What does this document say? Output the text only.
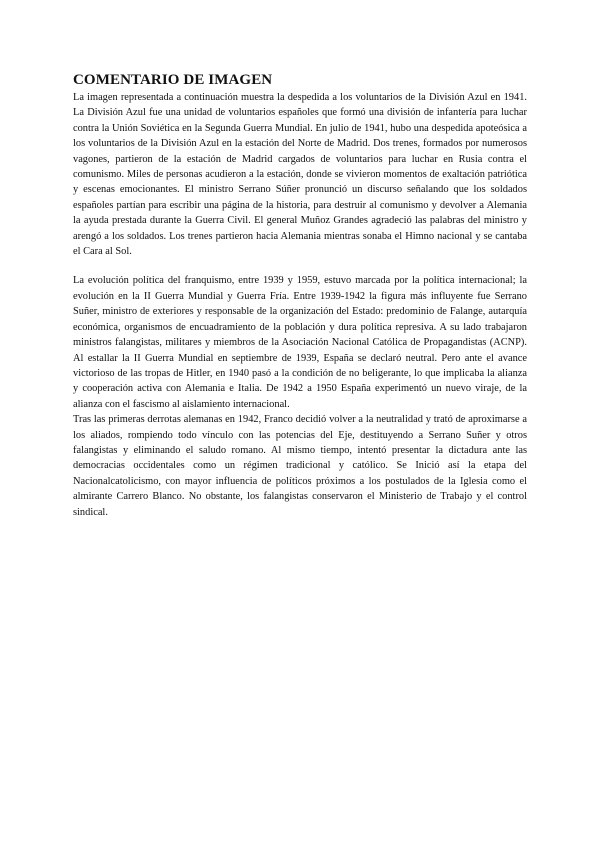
COMENTARIO DE IMAGEN

La imagen representada a continuación muestra la despedida a los voluntarios de la División Azul en 1941. La División Azul fue una unidad de voluntarios españoles que formó una división de infantería para luchar contra la Unión Soviética en la Segunda Guerra Mundial. En julio de 1941, hubo una despedida apoteósica a los voluntarios de la División Azul en la estación del Norte de Madrid. Dos trenes, formados por numerosos vagones, partieron de la estación de Madrid cargados de voluntarios para luchar en Rusia contra el comunismo. Miles de personas acudieron a la estación, donde se vivieron momentos de exaltación patriótica y escenas emocionantes. El ministro Serrano Súñer pronunció un discurso señalando que los soldados españoles partían para escribir una página de la historia, para destruir al comunismo y devolver a Alemania la ayuda prestada durante la Guerra Civil. El general Muñoz Grandes agradeció las palabras del ministro y arengó a los soldados. Los trenes partieron hacia Alemania mientras sonaba el Himno nacional y se cantaba el Cara al Sol.

La evolución política del franquismo, entre 1939 y 1959, estuvo marcada por la política internacional; la evolución en la II Guerra Mundial y Guerra Fría. Entre 1939-1942 la figura más influyente fue Serrano Suñer, ministro de exteriores y responsable de la organización del Estado: predominio de Falange, autarquía económica, organismos de encuadramiento de la población y dura política represiva. A su lado trabajaron ministros falangistas, militares y miembros de la Asociación Nacional Católica de Propagandistas (ACNP). Al estallar la II Guerra Mundial en septiembre de 1939, España se declaró neutral. Pero ante el avance victorioso de las tropas de Hitler, en 1940 pasó a la condición de no beligerante, lo que implicaba la alianza y cooperación activa con Alemania e Italia. De 1942 a 1950 España experimentó un nuevo viraje, de la alianza con el fascismo al aislamiento internacional.

Tras las primeras derrotas alemanas en 1942, Franco decidió volver a la neutralidad y trató de aproximarse a los aliados, rompiendo todo vínculo con las potencias del Eje, destituyendo a Serrano Suñer y otros falangistas y eliminando el saludo romano. Al mismo tiempo, intentó presentar la dictadura ante las democracias occidentales como un régimen tradicional y católico. Se Inició así la etapa del Nacionalcatolicismo, con mayor influencia de políticos próximos a los postulados de la Iglesia como el almirante Carrero Blanco. No obstante, los falangistas conservaron el Ministerio de Trabajo y el control sindical.
